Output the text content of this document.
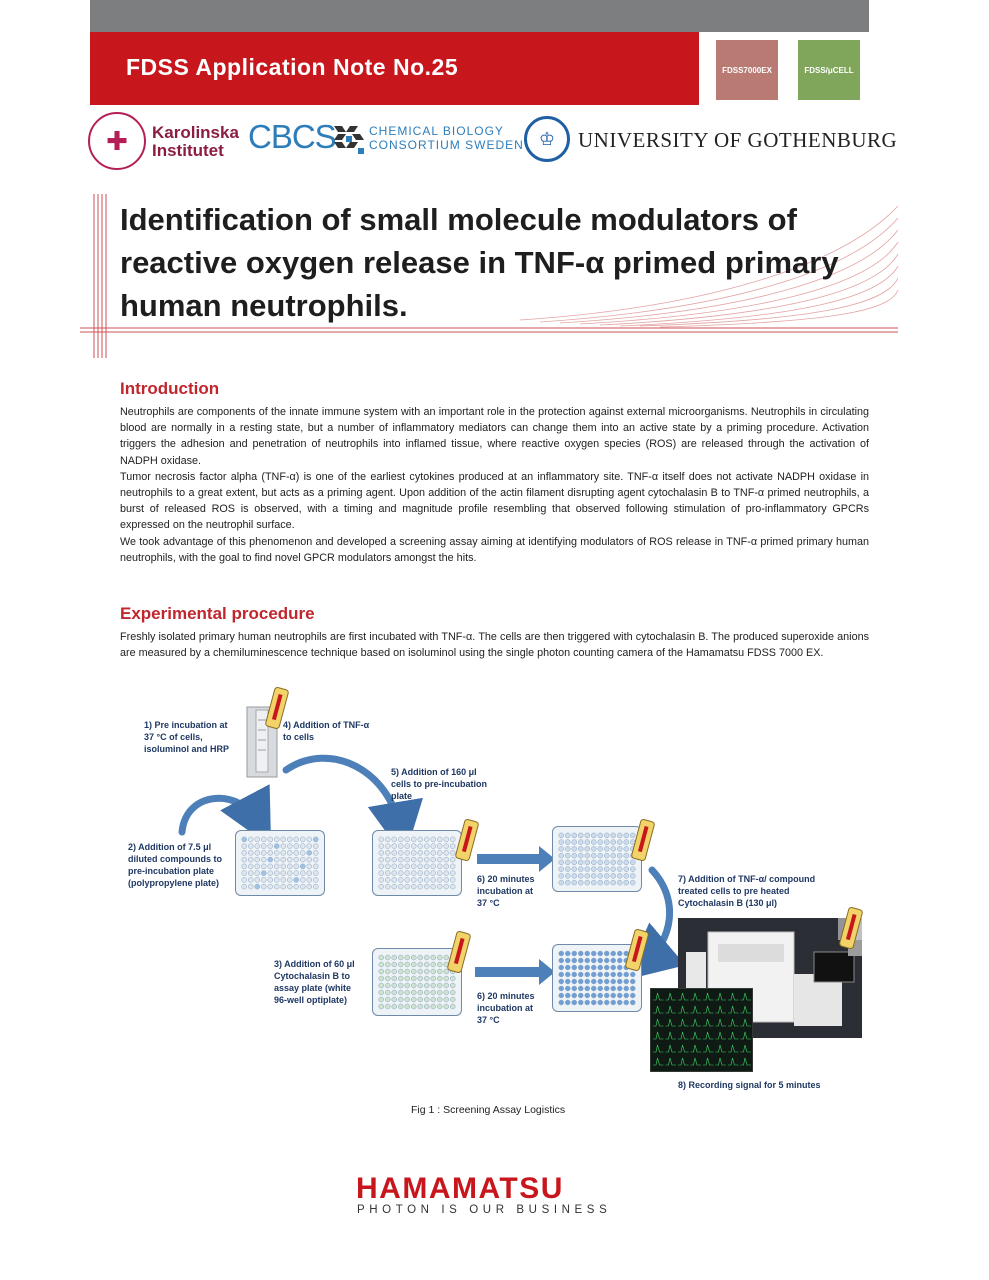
FDSS Application Note No.25	FDSS7000EX	FDSS/μCELL
✚	Karolinska
Institutet CBCS	CHEMICAL BIOLOGY
CONSORTIUM SWEDEN ♔	UNIVERSITY OF GOTHENBURG
Identification of small molecule modulators of
reactive oxygen release in TNF-α primed primary
human neutrophils.
Introduction

Neutrophils are components of the innate immune system with an important role in the protection against external microorganisms. Neutrophils in circulating blood are normally in a resting state, but a number of inflammatory mediators can change them into an active state by a priming procedure. Activation triggers the adhesion and penetration of neutrophils into inflamed tissue, where reactive oxygen species (ROS) are released through the activation of NADPH oxidase.

Tumor necrosis factor alpha (TNF-α) is one of the earliest cytokines produced at an inflammatory site. TNF-α itself does not activate NADPH oxidase in neutrophils to a great extent, but acts as a priming agent. Upon addition of the actin filament disrupting agent cytochalasin B to TNF-α primed neutrophils, a burst of released ROS is observed, with a timing and magnitude profile resembling that observed following stimulation of pro-inflammatory GPCRs expressed on the neutrophil surface.

We took advantage of this phenomenon and developed a screening assay aiming at identifying modulators of ROS release in TNF-α primed primary human neutrophils, with the goal to find novel GPCR modulators amongst the hits.

Experimental procedure

Freshly isolated primary human neutrophils are first incubated with TNF-α. The cells are then triggered with cytochalasin B. The produced superoxide anions are measured by a chemiluminescence technique based on isoluminol using the single photon counting camera of the Hamamatsu FDSS 7000 EX.

1) Pre incubation at
37 °C of cells,
isoluminol and HRP
4) Addition of TNF-α
to cells
5) Addition of 160 μl
cells to pre-incubation
plate
2) Addition of 7.5 μl
diluted compounds to
pre-incubation plate
(polypropylene plate)	6) 20 minutes
incubation at
37 °C
7) Addition of TNF-α/ compound
treated cells to pre heated
Cytochalasin B (130 μl)
3) Addition of 60 μl
Cytochalasin B to
assay plate (white
96-well optiplate)	6) 20 minutes
incubation at
37 °C
8) Recording signal for 5 minutes
Fig 1 : Screening Assay Logistics
HAMAMATSU
PHOTON IS OUR BUSINESS
